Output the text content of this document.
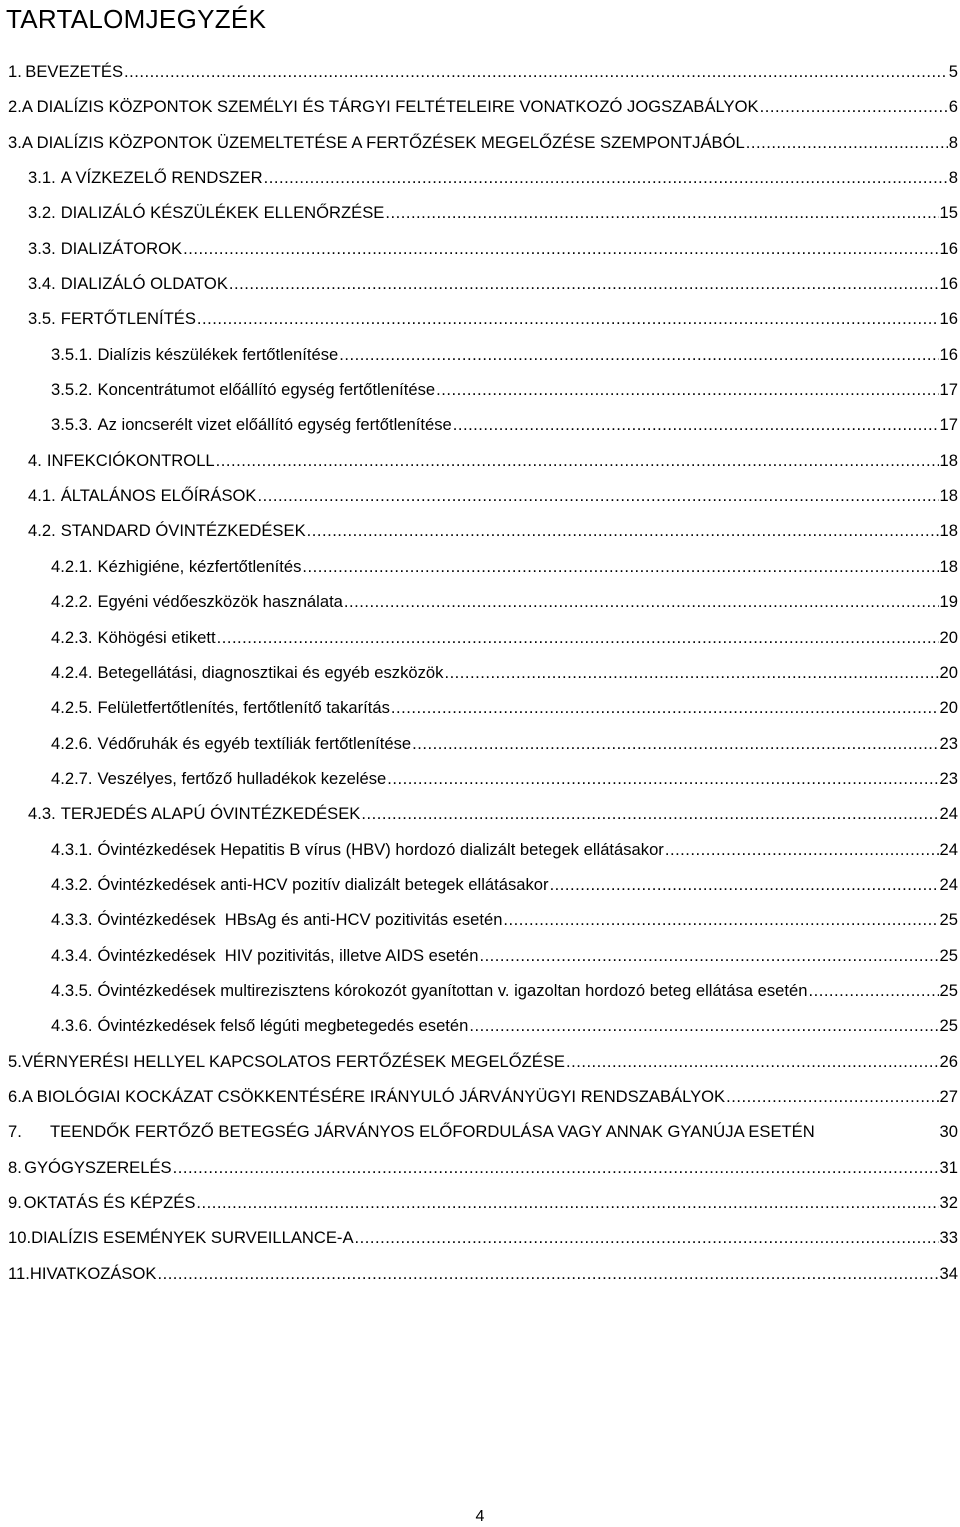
TARTALOMJEGYZÉK
1. BEVEZETÉS .....	5
2. A DIALÍZIS KÖZPONTOK SZEMÉLYI ÉS TÁRGYI FELTÉTELEIRE VONATKOZÓ JOGSZABÁLYOK .....	6
3. A DIALÍZIS KÖZPONTOK ÜZEMELTETÉSE A FERTŐZÉSEK MEGELŐZÉSE SZEMPONTJÁBÓL .....	8
3.1. A VÍZKEZELŐ RENDSZER .....	8
3.2. DIALIZÁLÓ KÉSZÜLÉKEK ELLENŐRZÉSE .....	15
3.3. DIALIZÁTOROK .....	16
3.4. DIALIZÁLÓ OLDATOK .....	16
3.5. FERTŐTLENÍTÉS .....	16
3.5.1. Dialízis készülékek fertőtlenítése .....	16
3.5.2. Koncentrátumot előállító egység fertőtlenítése .....	17
3.5.3. Az ioncserélt vizet előállító egység fertőtlenítése .....	17
4. INFEKCIÓKONTROLL .....	18
4.1. ÁLTALÁNOS ELŐÍRÁSOK .....	18
4.2. STANDARD ÓVINTÉZKEDÉSEK .....	18
4.2.1. Kézhigiéne, kézfertőtlenítés .....	18
4.2.2. Egyéni védőeszközök használata .....	19
4.2.3. Köhögési etikett .....	20
4.2.4. Betegellátási, diagnosztikai és egyéb eszközök .....	20
4.2.5. Felületfertőtlenítés, fertőtlenítő takarítás .....	20
4.2.6. Védőruhák és egyéb textíliák fertőtlenítése .....	23
4.2.7. Veszélyes, fertőző hulladékok kezelése .....	23
4.3. TERJEDÉS ALAPÚ ÓVINTÉZKEDÉSEK .....	24
4.3.1. Óvintézkedések Hepatitis B vírus (HBV) hordozó dializált betegek ellátásakor .....	24
4.3.2. Óvintézkedések anti-HCV pozitív dializált betegek ellátásakor .....	24
4.3.3. Óvintézkedések  HBsAg és anti-HCV pozitivitás esetén .....	25
4.3.4. Óvintézkedések  HIV pozitivitás, illetve AIDS esetén .....	25
4.3.5. Óvintézkedések multirezisztens kórokozót gyanítottan v. igazoltan hordozó beteg ellátása esetén .....	25
4.3.6. Óvintézkedések felső légúti megbetegedés esetén .....	25
5. VÉRNYERÉSI HELLYEL KAPCSOLATOS FERTŐZÉSEK MEGELŐZÉSE .....	26
6. A BIOLÓGIAI KOCKÁZAT CSÖKKENTÉSÉRE IRÁNYULÓ JÁRVÁNYÜGYI RENDSZABÁLYOK .....	27
7.	TEENDŐK FERTŐZŐ BETEGSÉG JÁRVÁNYOS ELŐFORDULÁSA VAGY ANNAK GYANÚJA ESETÉN	30
8. GYÓGYSZERELÉS .....	31
9. OKTATÁS ÉS KÉPZÉS .....	32
10. DIALÍZIS ESEMÉNYEK SURVEILLANCE-A .....	33
11. HIVATKOZÁSOK .....	34
4
